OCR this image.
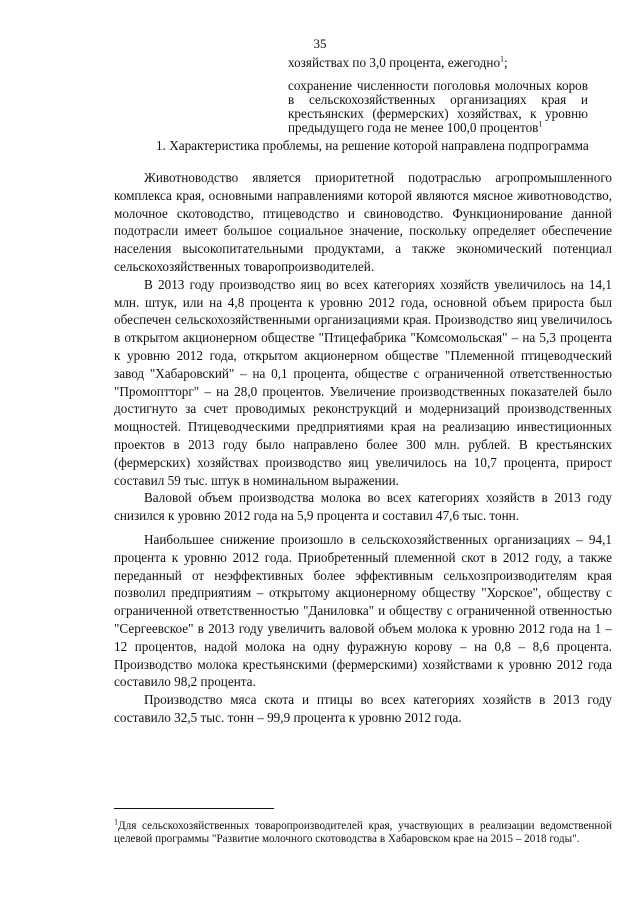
35
хозяйствах по 3,0 процента, ежегодно$^1$;
сохранение численности поголовья молочных коров в сельскохозяйственных организациях края и крестьянских (фермерских) хозяйствах, к уровню предыдущего года не менее 100,0 процентов$^1$
1. Характеристика проблемы, на решение которой направлена подпрограмма

Животноводство является приоритетной подотраслью агропромышленного комплекса края, основными направлениями которой являются мясное животноводство, молочное скотоводство, птицеводство и свиноводство. Функционирование данной подотрасли имеет большое социальное значение, поскольку определяет обеспечение населения высокопитательными продуктами, а также экономический потенциал сельскохозяйственных товаропроизводителей.

В 2013 году производство яиц во всех категориях хозяйств увеличилось на 14,1 млн. штук, или на 4,8 процента к уровню 2012 года, основной объем прироста был обеспечен сельскохозяйственными организациями края. Производство яиц увеличилось в открытом акционерном обществе "Птицефабрика "Комсомольская" – на 5,3 процента к уровню 2012 года, открытом акционерном обществе "Племенной птицеводческий завод "Хабаровский" – на 0,1 процента, обществе с ограниченной ответственностью "Промоптторг" – на 28,0 процентов. Увеличение производственных показателей было достигнуто за счет проводимых реконструкций и модернизаций производственных мощностей. Птицеводческими предприятиями края на реализацию инвестиционных проектов в 2013 году было направлено более 300 млн. рублей. В крестьянских (фермерских) хозяйствах производство яиц увеличилось на 10,7 процента, прирост составил 59 тыс. штук в номинальном выражении.

Валовой объем производства молока во всех категориях хозяйств в 2013 году снизился к уровню 2012 года на 5,9 процента и составил 47,6 тыс. тонн.

Наибольшее снижение произошло в сельскохозяйственных организациях – 94,1 процента к уровню 2012 года. Приобретенный племенной скот в 2012 году, а также переданный от неэффективных более эффективным сельхозпроизводителям края позволил предприятиям – открытому акционерному обществу "Хорское", обществу с ограниченной ответственностью "Даниловка" и обществу с ограниченной отвенностью "Сергеевское" в 2013 году увеличить валовой объем молока к уровню 2012 года на 1 – 12 процентов, надой молока на одну фуражную корову – на 0,8 – 8,6 процента. Производство молока крестьянскими (фермерскими) хозяйствами к уровню 2012 года составило 98,2 процента.

Производство мяса скота и птицы во всех категориях хозяйств в 2013 году составило 32,5 тыс. тонн – 99,9 процента к уровню 2012 года.

$^1$Для сельскохозяйственных товаропроизводителей края, участвующих в реализации ведомственной целевой программы "Развитие молочного скотоводства в Хабаровском крае на 2015 – 2018 годы".
